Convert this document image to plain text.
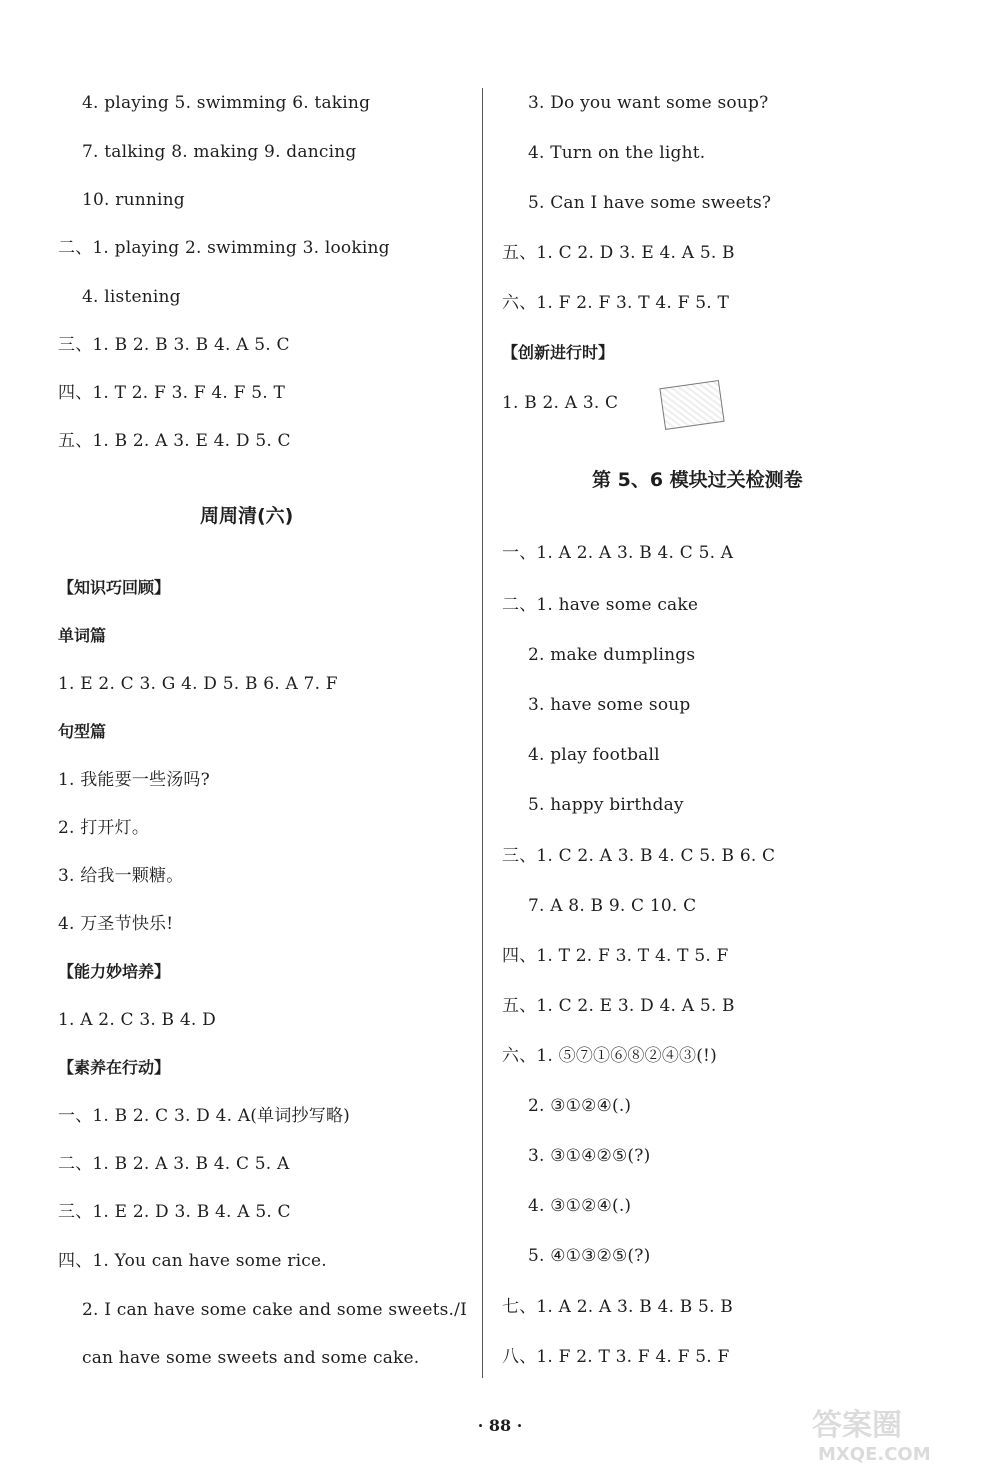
4. playing 5. swimming 6. taking
7. talking 8. making 9. dancing
10. running
二、1. playing 2. swimming 3. looking
4. listening
三、1. B 2. B 3. B 4. A 5. C
四、1. T 2. F 3. F 4. F 5. T
五、1. B 2. A 3. E 4. D 5. C
周周清(六)
【知识巧回顾】
单词篇
1. E 2. C 3. G 4. D 5. B 6. A 7. F
句型篇
1. 我能要一些汤吗?
2. 打开灯。
3. 给我一颗糖。
4. 万圣节快乐!
【能力妙培养】
1. A 2. C 3. B 4. D
【素养在行动】
一、1. B 2. C 3. D 4. A(单词抄写略)
二、1. B 2. A 3. B 4. C 5. A
三、1. E 2. D 3. B 4. A 5. C
四、1. You can have some rice.
2. I can have some cake and some sweets./I
can have some sweets and some cake.
3. Do you want some soup?
4. Turn on the light.
5. Can I have some sweets?
五、1. C 2. D 3. E 4. A 5. B
六、1. F 2. F 3. T 4. F 5. T
【创新进行时】
1. B 2. A 3. C
第 5、6 模块过关检测卷
一、1. A 2. A 3. B 4. C 5. A
二、1. have some cake
2. make dumplings
3. have some soup
4. play football
5. happy birthday
三、1. C 2. A 3. B 4. C 5. B 6. C
7. A 8. B 9. C 10. C
四、1. T 2. F 3. T 4. T 5. F
五、1. C 2. E 3. D 4. A 5. B
六、1. ⑤⑦①⑥⑧②④③(!)
2. ③①②④(.)
3. ③①④②⑤(?)
4. ③①②④(.)
5. ④①③②⑤(?)
七、1. A 2. A 3. B 4. B 5. B
八、1. F 2. T 3. F 4. F 5. F
· 88 ·	答案圈
MXQE.COM
